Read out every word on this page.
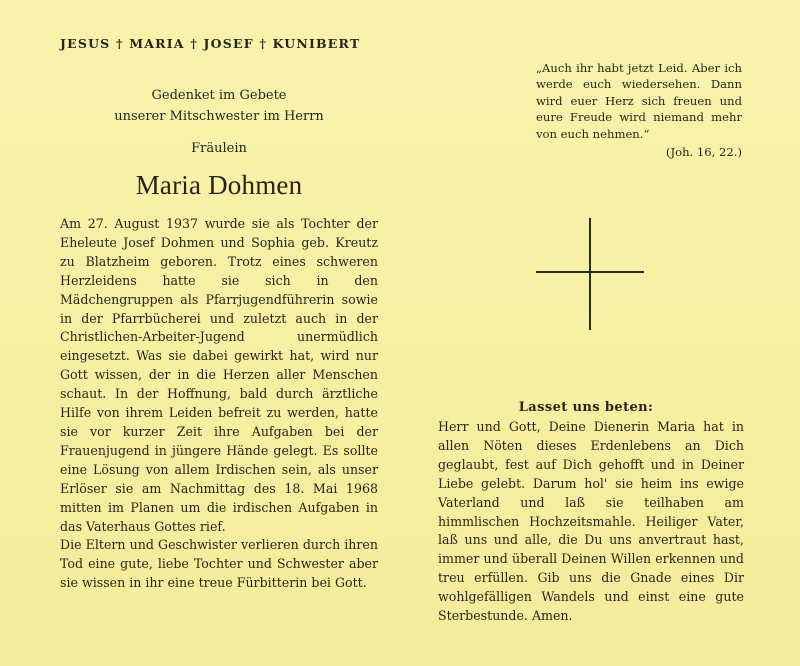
JESUS † MARIA † JOSEF † KUNIBERT
Gedenket im Gebete
unserer Mitschwester im Herrn
Fräulein
Maria Dohmen

Am 27. August 1937 wurde sie als Tochter der Eheleute Josef Dohmen und Sophia geb. Kreutz zu Blatzheim geboren. Trotz eines schweren Herzleidens hatte sie sich in den Mädchengruppen als Pfarrjugendführerin sowie in der Pfarrbücherei und zuletzt auch in der Christlichen-Arbeiter-Jugend unermüdlich eingesetzt. Was sie dabei gewirkt hat, wird nur Gott wissen, der in die Herzen aller Menschen schaut. In der Hoffnung, bald durch ärztliche Hilfe von ihrem Leiden befreit zu werden, hatte sie vor kurzer Zeit ihre Aufgaben bei der Frauenjugend in jüngere Hände gelegt. Es sollte eine Lösung von allem Irdischen sein, als unser Erlöser sie am Nachmittag des 18. Mai 1968 mitten im Planen um die irdischen Aufgaben in das Vaterhaus Gottes rief.

Die Eltern und Geschwister verlieren durch ihren Tod eine gute, liebe Tochter und Schwester aber sie wissen in ihr eine treue Fürbitterin bei Gott.

„Auch ihr habt jetzt Leid. Aber ich werde euch wiedersehen. Dann wird euer Herz sich freuen und eure Freude wird niemand mehr von euch nehmen.“
(Joh. 16, 22.)
Lasset uns beten:
Herr und Gott, Deine Dienerin Maria hat in allen Nöten dieses Erdenlebens an Dich geglaubt, fest auf Dich gehofft und in Deiner Liebe gelebt. Darum hol' sie heim ins ewige Vaterland und laß sie teilhaben am himmlischen Hochzeitsmahle. Heiliger Vater, laß uns und alle, die Du uns anvertraut hast, immer und überall Deinen Willen erkennen und treu erfüllen. Gib uns die Gnade eines Dir wohlgefälligen Wandels und einst eine gute Sterbestunde. Amen.
